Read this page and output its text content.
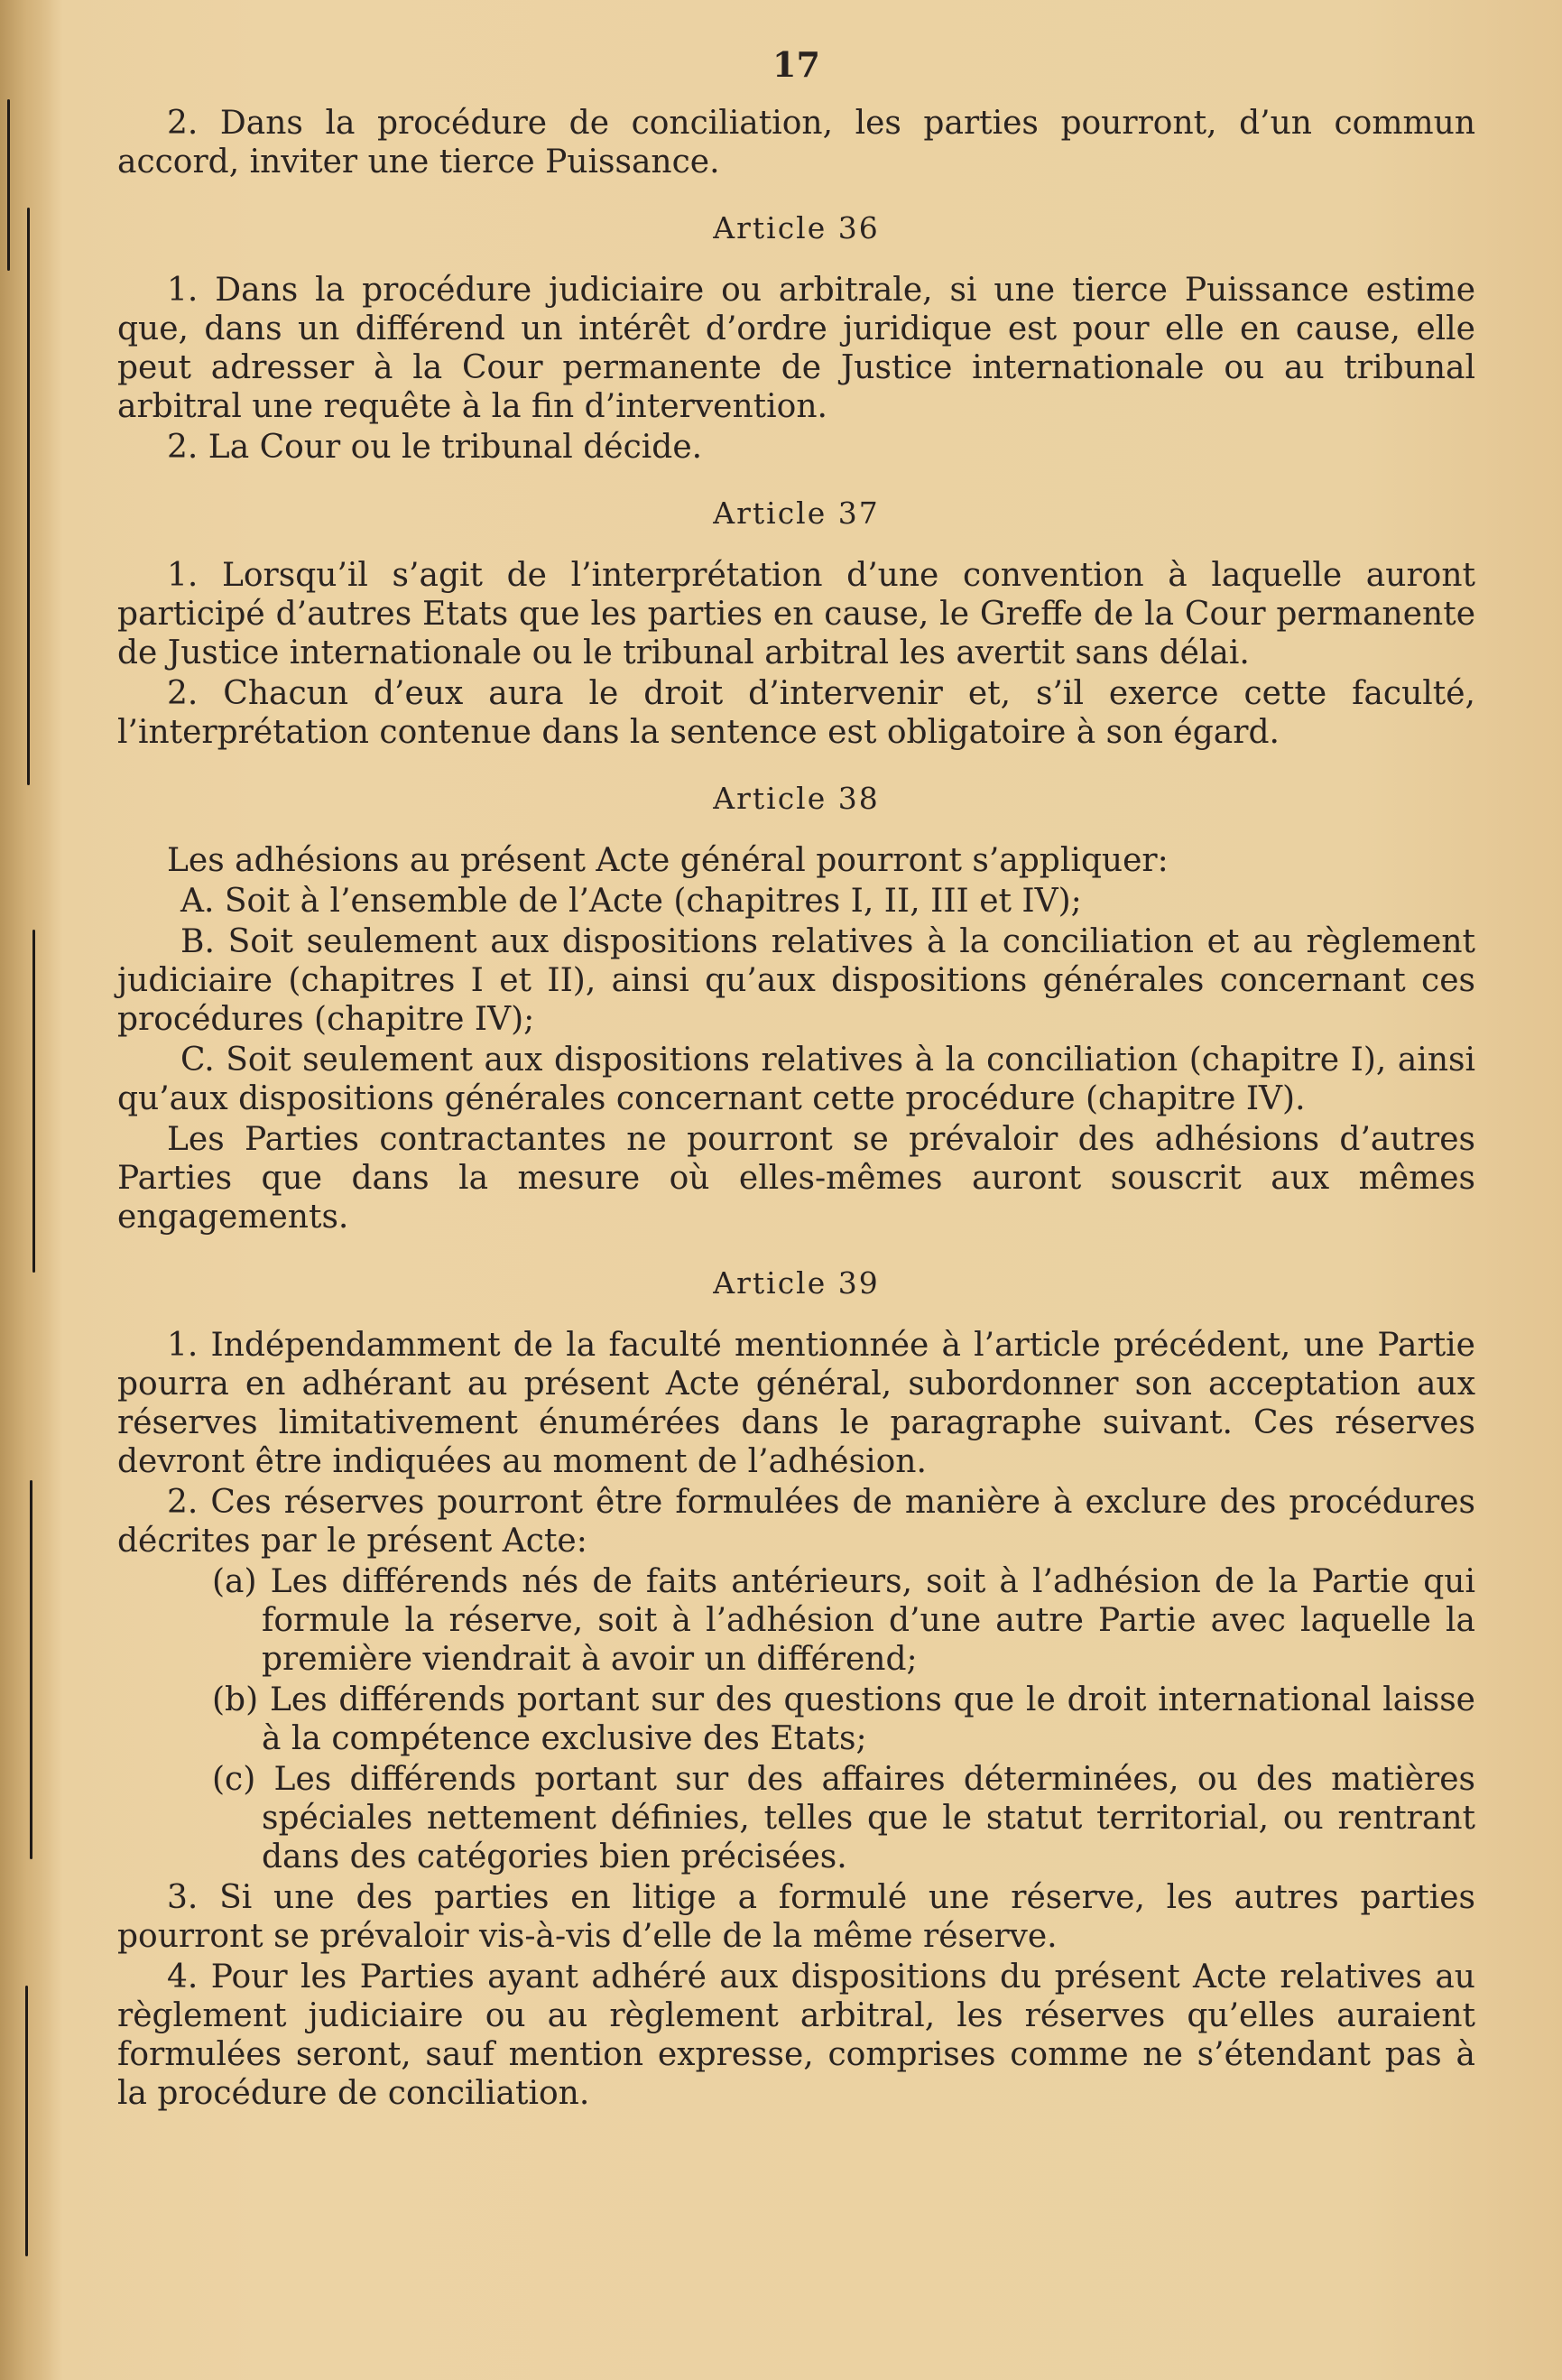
17

2. Dans la procédure de conciliation, les parties pourront, d’un commun accord, inviter une tierce Puissance.

Article 36

1. Dans la procédure judiciaire ou arbitrale, si une tierce Puissance estime que, dans un différend un intérêt d’ordre juridique est pour elle en cause, elle peut adresser à la Cour permanente de Justice internationale ou au tribunal arbitral une requête à la fin d’intervention.

2. La Cour ou le tribunal décide.

Article 37

1. Lorsqu’il s’agit de l’interprétation d’une convention à laquelle auront participé d’autres Etats que les parties en cause, le Greffe de la Cour permanente de Justice internationale ou le tribunal arbitral les avertit sans délai.

2. Chacun d’eux aura le droit d’intervenir et, s’il exerce cette faculté, l’interprétation contenue dans la sentence est obligatoire à son égard.

Article 38

Les adhésions au présent Acte général pourront s’appliquer:

A. Soit à l’ensemble de l’Acte (chapitres I, II, III et IV);

B. Soit seulement aux dispositions relatives à la conciliation et au règlement judiciaire (chapitres I et II), ainsi qu’aux dispositions générales concernant ces procédures (chapitre IV);

C. Soit seulement aux dispositions relatives à la conciliation (chapitre I), ainsi qu’aux dispositions générales concernant cette procédure (chapitre IV).

Les Parties contractantes ne pourront se prévaloir des adhésions d’autres Parties que dans la mesure où elles-mêmes auront souscrit aux mêmes engagements.

Article 39

1. Indépendamment de la faculté mentionnée à l’article précédent, une Partie pourra en adhérant au présent Acte général, subordonner son acceptation aux réserves limitativement énumérées dans le paragraphe suivant. Ces réserves devront être indiquées au moment de l’adhésion.

2. Ces réserves pourront être formulées de manière à exclure des procédures décrites par le présent Acte:

(a) Les différends nés de faits antérieurs, soit à l’adhésion de la Partie qui formule la réserve, soit à l’adhésion d’une autre Partie avec laquelle la première viendrait à avoir un différend;

(b) Les différends portant sur des questions que le droit international laisse à la compétence exclusive des Etats;

(c) Les différends portant sur des affaires déterminées, ou des matières spéciales nettement définies, telles que le statut territorial, ou rentrant dans des catégories bien précisées.

3. Si une des parties en litige a formulé une réserve, les autres parties pourront se prévaloir vis-à-vis d’elle de la même réserve.

4. Pour les Parties ayant adhéré aux dispositions du présent Acte relatives au règlement judiciaire ou au règlement arbitral, les réserves qu’elles auraient formulées seront, sauf mention expresse, comprises comme ne s’étendant pas à la procédure de conciliation.
